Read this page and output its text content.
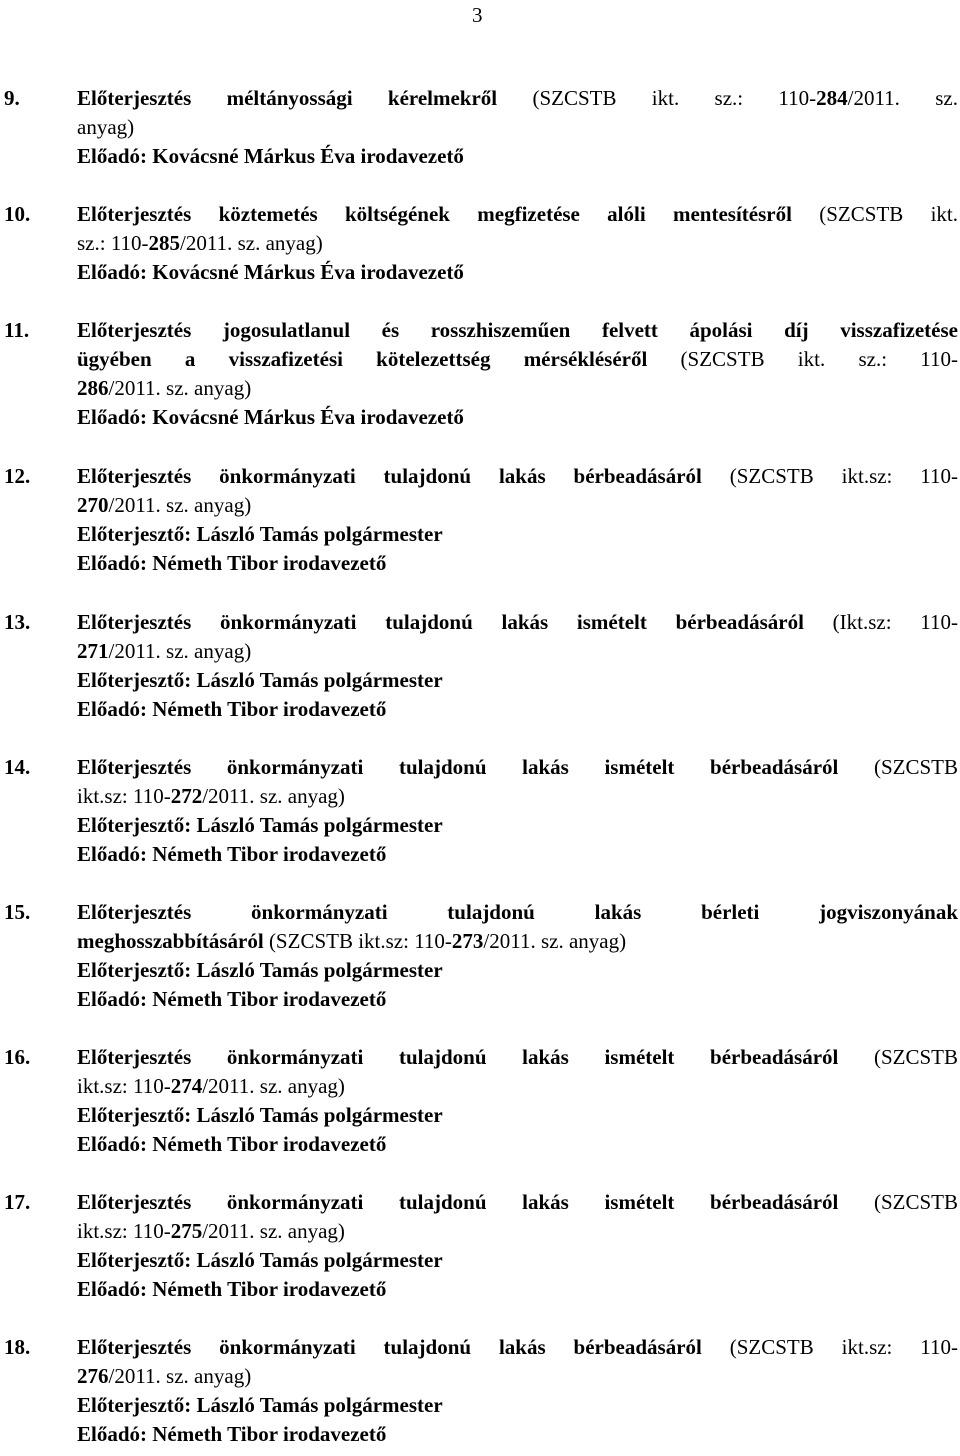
3
9.	Előterjesztés méltányossági kérelmekről (SZCSTB ikt. sz.: 110-284/2011. sz.
anyag)
Előadó: Kovácsné Márkus Éva irodavezető
10. Előterjesztés köztemetés költségének megfizetése alóli mentesítésről (SZCSTB ikt.
sz.: 110-285/2011. sz. anyag)
Előadó: Kovácsné Márkus Éva irodavezető
11. Előterjesztés jogosulatlanul és rosszhiszeműen felvett ápolási díj visszafizetése
ügyében a visszafizetési kötelezettség mérsékléséről (SZCSTB ikt. sz.: 110-
286/2011. sz. anyag)
Előadó: Kovácsné Márkus Éva irodavezető
12. Előterjesztés önkormányzati tulajdonú lakás bérbeadásáról (SZCSTB ikt.sz: 110-
270/2011. sz. anyag)
Előterjesztő: László Tamás polgármester
Előadó: Németh Tibor irodavezető
13. Előterjesztés önkormányzati tulajdonú lakás ismételt bérbeadásáról (Ikt.sz: 110-
271/2011. sz. anyag)
Előterjesztő: László Tamás polgármester
Előadó: Németh Tibor irodavezető
14. Előterjesztés önkormányzati tulajdonú lakás ismételt bérbeadásáról (SZCSTB
ikt.sz: 110-272/2011. sz. anyag)
Előterjesztő: László Tamás polgármester
Előadó: Németh Tibor irodavezető
15. Előterjesztés önkormányzati tulajdonú lakás bérleti jogviszonyának
meghosszabbításáról (SZCSTB ikt.sz: 110-273/2011. sz. anyag)
Előterjesztő: László Tamás polgármester
Előadó: Németh Tibor irodavezető
16. Előterjesztés önkormányzati tulajdonú lakás ismételt bérbeadásáról (SZCSTB
ikt.sz: 110-274/2011. sz. anyag)
Előterjesztő: László Tamás polgármester
Előadó: Németh Tibor irodavezető
17. Előterjesztés önkormányzati tulajdonú lakás ismételt bérbeadásáról (SZCSTB
ikt.sz: 110-275/2011. sz. anyag)
Előterjesztő: László Tamás polgármester
Előadó: Németh Tibor irodavezető
18. Előterjesztés önkormányzati tulajdonú lakás bérbeadásáról (SZCSTB ikt.sz: 110-
276/2011. sz. anyag)
Előterjesztő: László Tamás polgármester
Előadó: Németh Tibor irodavezető
